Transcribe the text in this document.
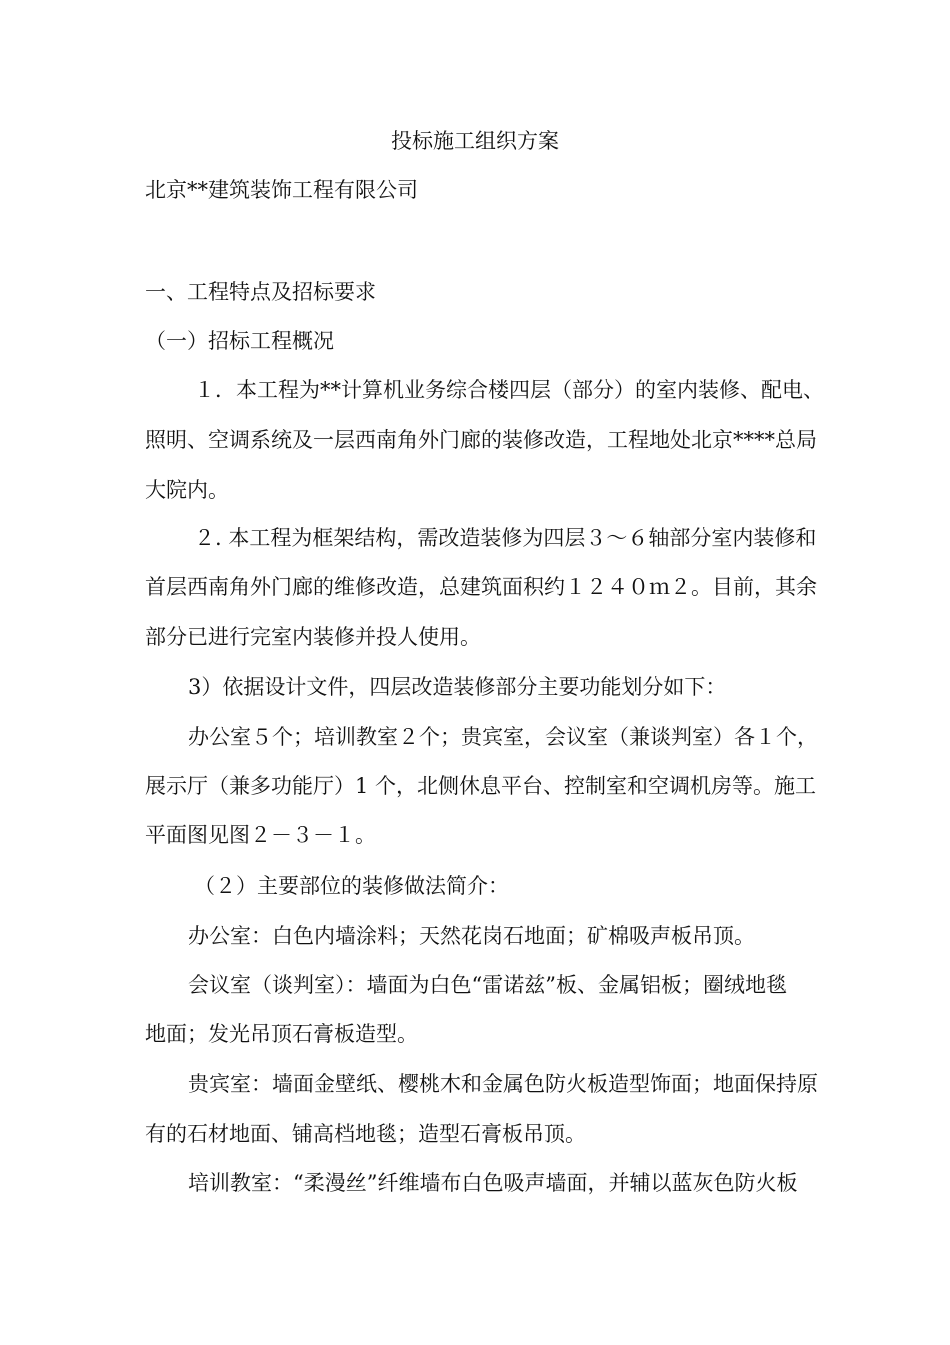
投标施工组织方案
北京**建筑装饰工程有限公司
一、工程特点及招标要求
（一）招标工程概况
１．本工程为**计算机业务综合楼四层（部分）的室内装修、配电、
照明、空调系统及一层西南角外门廊的装修改造，工程地处北京****总局
大院内。
２. 本工程为框架结构，需改造装修为四层３～６轴部分室内装修和
首层西南角外门廊的维修改造，总建筑面积约１２４０ｍ２。目前，其余
部分已进行完室内装修并投人使用。
3）依据设计文件，四层改造装修部分主要功能划分如下：
办公室５个；培训教室２个；贵宾室，会议室（兼谈判室）各１个，
展示厅（兼多功能厅）1 个，北侧休息平台、控制室和空调机房等。施工
平面图见图２－３－１。
（２）主要部位的装修做法简介：
办公室：白色内墙涂料；天然花岗石地面；矿棉吸声板吊顶。
会议室（谈判室）：墙面为白色“雷诺兹”板、金属铝板；圈绒地毯
地面；发光吊顶石膏板造型。
贵宾室：墙面金壁纸、樱桃木和金属色防火板造型饰面；地面保持原
有的石材地面、铺高档地毯；造型石膏板吊顶。
培训教室：“柔漫丝”纤维墙布白色吸声墙面，并辅以蓝灰色防火板
